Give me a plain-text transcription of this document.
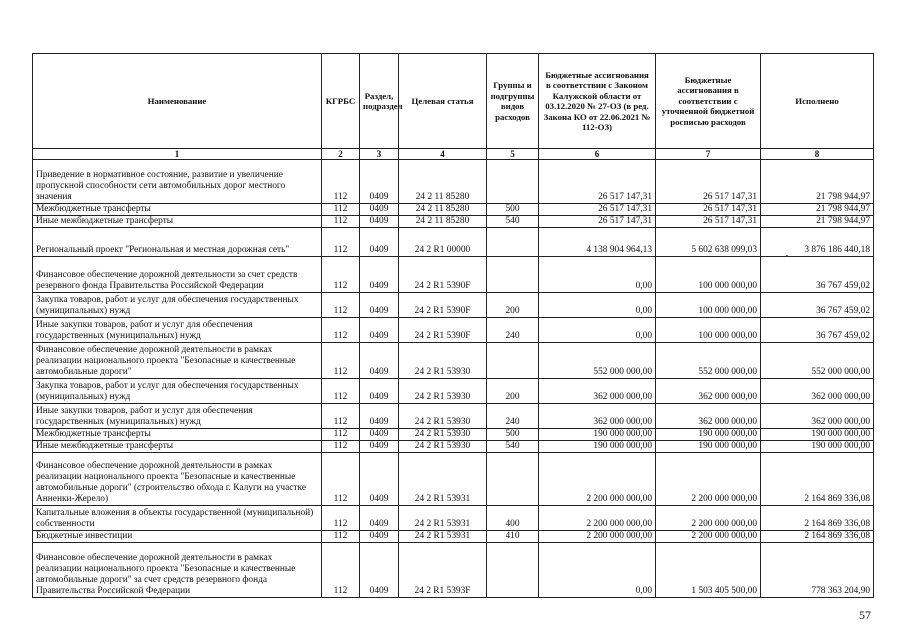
Наименование	КГРБС	Раздел, подраздел	Целевая статья	Группы и подгруппы видов расходов	Бюджетные ассигнования в соответствии с Законом Калужской области от 03.12.2020 № 27-ОЗ (в ред. Закона КО от 22.06.2021 № 112-ОЗ)	Бюджетные ассигнования в соответствии с уточненной бюджетной росписью расходов	Исполнено
1	2	3	4	5	6	7	8
Приведение в нормативное состояние, развитие и увеличение пропускной способности сети автомобильных дорог местного значения	112	0409	24 2 11 85280		26 517 147,31	26 517 147,31	21 798 944,97
Межбюджетные трансферты	112	0409	24 2 11 85280	500	26 517 147,31	26 517 147,31	21 798 944,97
Иные межбюджетные трансферты	112	0409	24 2 11 85280	540	26 517 147,31	26 517 147,31	21 798 944,97
Региональный проект "Региональная и местная дорожная сеть"	112	0409	24 2 R1 00000		4 138 904 964,13	5 602 638 099,03	3 876 186 440,18
Финансовое обеспечение дорожной деятельности за счет средств резервного фонда Правительства Российской Федерации	112	0409	24 2 R1 5390F		0,00	100 000 000,00	36 767 459,02
Закупка товаров, работ и услуг для обеспечения государственных (муниципальных) нужд	112	0409	24 2 R1 5390F	200	0,00	100 000 000,00	36 767 459,02
Иные закупки товаров, работ и услуг для обеспечения государственных (муниципальных) нужд	112	0409	24 2 R1 5390F	240	0,00	100 000 000,00	36 767 459,02
Финансовое обеспечение дорожной деятельности в рамках реализации национального проекта "Безопасные и качественные автомобильные дороги"	112	0409	24 2 R1 53930		552 000 000,00	552 000 000,00	552 000 000,00
Закупка товаров, работ и услуг для обеспечения государственных (муниципальных) нужд	112	0409	24 2 R1 53930	200	362 000 000,00	362 000 000,00	362 000 000,00
Иные закупки товаров, работ и услуг для обеспечения государственных (муниципальных) нужд	112	0409	24 2 R1 53930	240	362 000 000,00	362 000 000,00	362 000 000,00
Межбюджетные трансферты	112	0409	24 2 R1 53930	500	190 000 000,00	190 000 000,00	190 000 000,00
Иные межбюджетные трансферты	112	0409	24 2 R1 53930	540	190 000 000,00	190 000 000,00	190 000 000,00
Финансовое обеспечение дорожной деятельности в рамках реализации национального проекта "Безопасные и качественные автомобильные дороги" (строительство обхода г. Калуги на участке Анненки-Жерело)	112	0409	24 2 R1 53931		2 200 000 000,00	2 200 000 000,00	2 164 869 336,08
Капитальные вложения в объекты государственной (муниципальной) собственности	112	0409	24 2 R1 53931	400	2 200 000 000,00	2 200 000 000,00	2 164 869 336,08
Бюджетные инвестиции	112	0409	24 2 R1 53931	410	2 200 000 000,00	2 200 000 000,00	2 164 869 336,08
Финансовое обеспечение дорожной деятельности в рамках реализации национального проекта "Безопасные и качественные автомобильные дороги" за счет средств резервного фонда Правительства Российской Федерации	112	0409	24 2 R1 5393F		0,00	1 503 405 500,00	778 363 204,90
57
